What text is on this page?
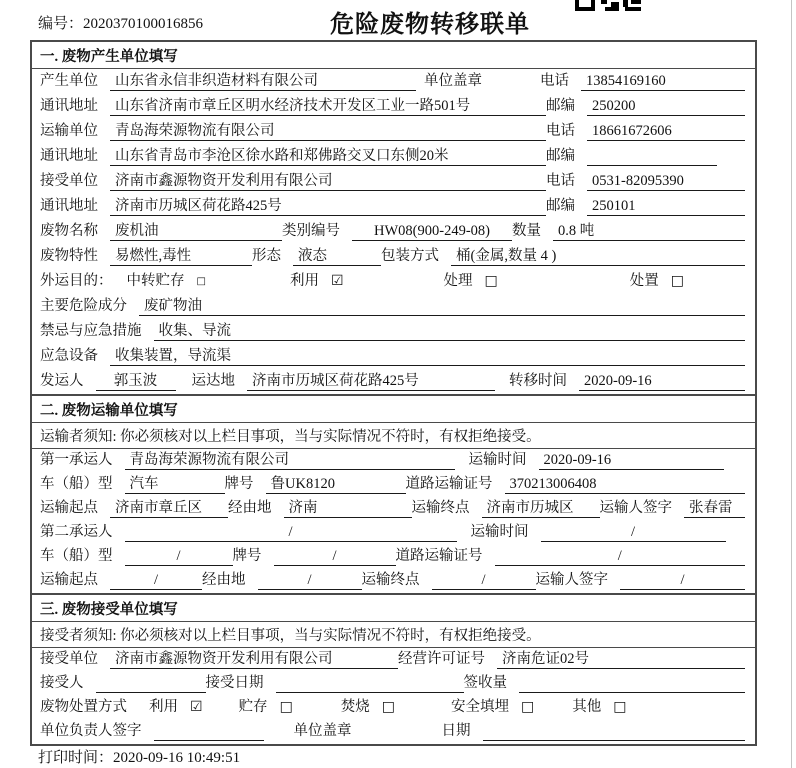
编号：2020370100016856	危险废物转移联单
一. 废物产生单位填写
产生单位	山东省永信非织造材料有限公司	单位盖章	电话	13854169160
通讯地址	山东省济南市章丘区明水经济技术开发区工业一路501号	邮编	250200
运输单位	青岛海荣源物流有限公司	电话	18661672606
通讯地址	山东省青岛市李沧区徐水路和郑佛路交叉口东侧20米	邮编
接受单位	济南市鑫源物资开发利用有限公司	电话	0531-82095390
通讯地址	济南市历城区荷花路425号	邮编	250101
废物名称	废机油	类别编号	HW08(900-249-08)	数量	0.8 吨
废物特性	易燃性,毒性	形态	液态	包装方式	桶(金属,数量 4 )
外运目的： 中转贮存 □	利用 ☑	处理 □	处置 □
主要危险成分	废矿物油
禁忌与应急措施	收集、导流
应急设备	收集装置，导流渠
发运人	郭玉波	运达地	济南市历城区荷花路425号	转移时间	2020-09-16
二. 废物运输单位填写
运输者须知: 你必须核对以上栏目事项，当与实际情况不符时，有权拒绝接受。
第一承运人	青岛海荣源物流有限公司	运输时间	2020-09-16
车（船）型	汽车	牌号	鲁UK8120	道路运输证号	370213006408
运输起点	济南市章丘区	经由地	济南	运输终点	济南市历城区	运输人签字	张春雷
第二承运人	/	运输时间	/
车（船）型	/	牌号	/	道路运输证号	/
运输起点	/	经由地	/	运输终点	/	运输人签字	/
三. 废物接受单位填写
接受者须知: 你必须核对以上栏目事项，当与实际情况不符时，有权拒绝接受。
接受单位	济南市鑫源物资开发利用有限公司	经营许可证号	济南危证02号
接受人	接受日期	签收量
废物处置方式 利用 ☑ 贮存 □	焚烧 □	安全填埋 □	其他 □
单位负责人签字	单位盖章	日期
打印时间：2020-09-16 10:49:51
